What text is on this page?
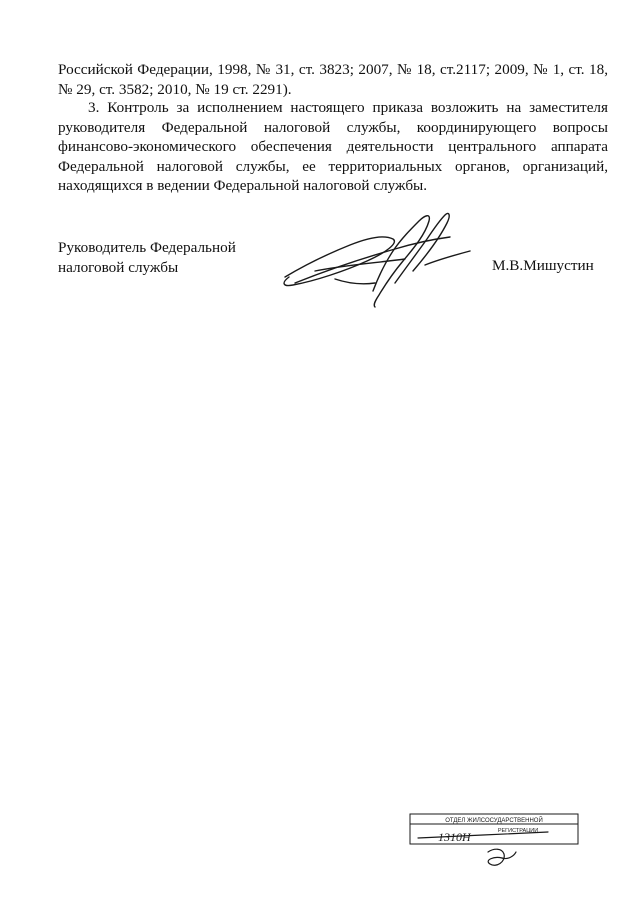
Российской Федерации, 1998, № 31, ст. 3823; 2007, № 18, ст.2117; 2009, № 1, ст. 18, № 29, ст. 3582; 2010, № 19 ст. 2291).

3. Контроль за исполнением настоящего приказа возложить на заместителя руководителя Федеральной налоговой службы, координирующего вопросы финансово-экономического обеспечения деятельности центрального аппарата Федеральной налоговой службы, ее территориальных органов, организаций, находящихся в ведении Федеральной налоговой службы.

Руководитель Федеральной
налоговой службы	М.В.Мишустин

ОТДЕЛ ЖИЛСОСУДАРСТВЕННОЙ
РЕГИСТРАЦИИ
1310Н
